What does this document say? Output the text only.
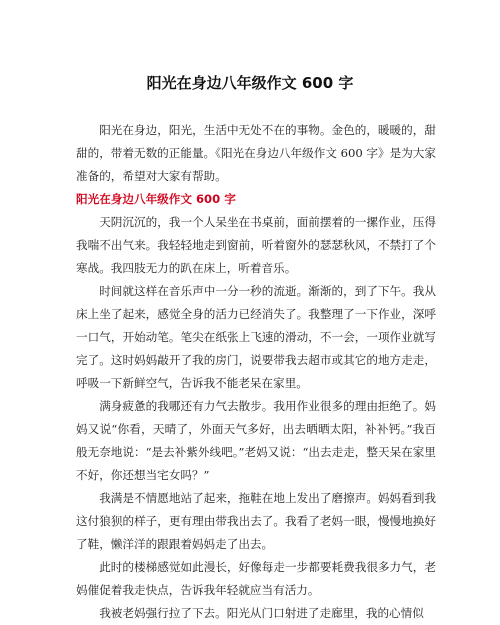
阳光在身边八年级作文 600 字

阳光在身边，阳光，生活中无处不在的事物。金色的，暖暖的，甜甜的，带着无数的正能量。《阳光在身边八年级作文 600 字》是为大家准备的，希望对大家有帮助。

阳光在身边八年级作文 600 字

天阴沉沉的，我一个人呆坐在书桌前，面前摆着的一摞作业，压得我喘不出气来。我轻轻地走到窗前，听着窗外的瑟瑟秋风，不禁打了个寒战。我四肢无力的趴在床上，听着音乐。

时间就这样在音乐声中一分一秒的流逝。渐渐的，到了下午。我从床上坐了起来，感觉全身的活力已经消失了。我整理了一下作业，深呼一口气，开始动笔。笔尖在纸张上飞速的滑动，不一会，一项作业就写完了。这时妈妈敲开了我的房门，说要带我去超市或其它的地方走走，呼吸一下新鲜空气，告诉我不能老呆在家里。

满身疲惫的我哪还有力气去散步。我用作业很多的理由拒绝了。妈妈又说“你看，天晴了，外面天气多好，出去晒晒太阳，补补钙。”我百般无奈地说：“是去补紫外线吧。”老妈又说：“出去走走，整天呆在家里不好，你还想当宅女吗？”

我满是不情愿地站了起来，拖鞋在地上发出了磨擦声。妈妈看到我这付狼狈的样子，更有理由带我出去了。我看了老妈一眼，慢慢地换好了鞋，懒洋洋的跟跟着妈妈走了出去。

此时的楼梯感觉如此漫长，好像每走一步都要耗费我很多力气，老妈催促着我走快点，告诉我年轻就应当有活力。

我被老妈强行拉了下去。阳光从门口射进了走廊里，我的心情似
